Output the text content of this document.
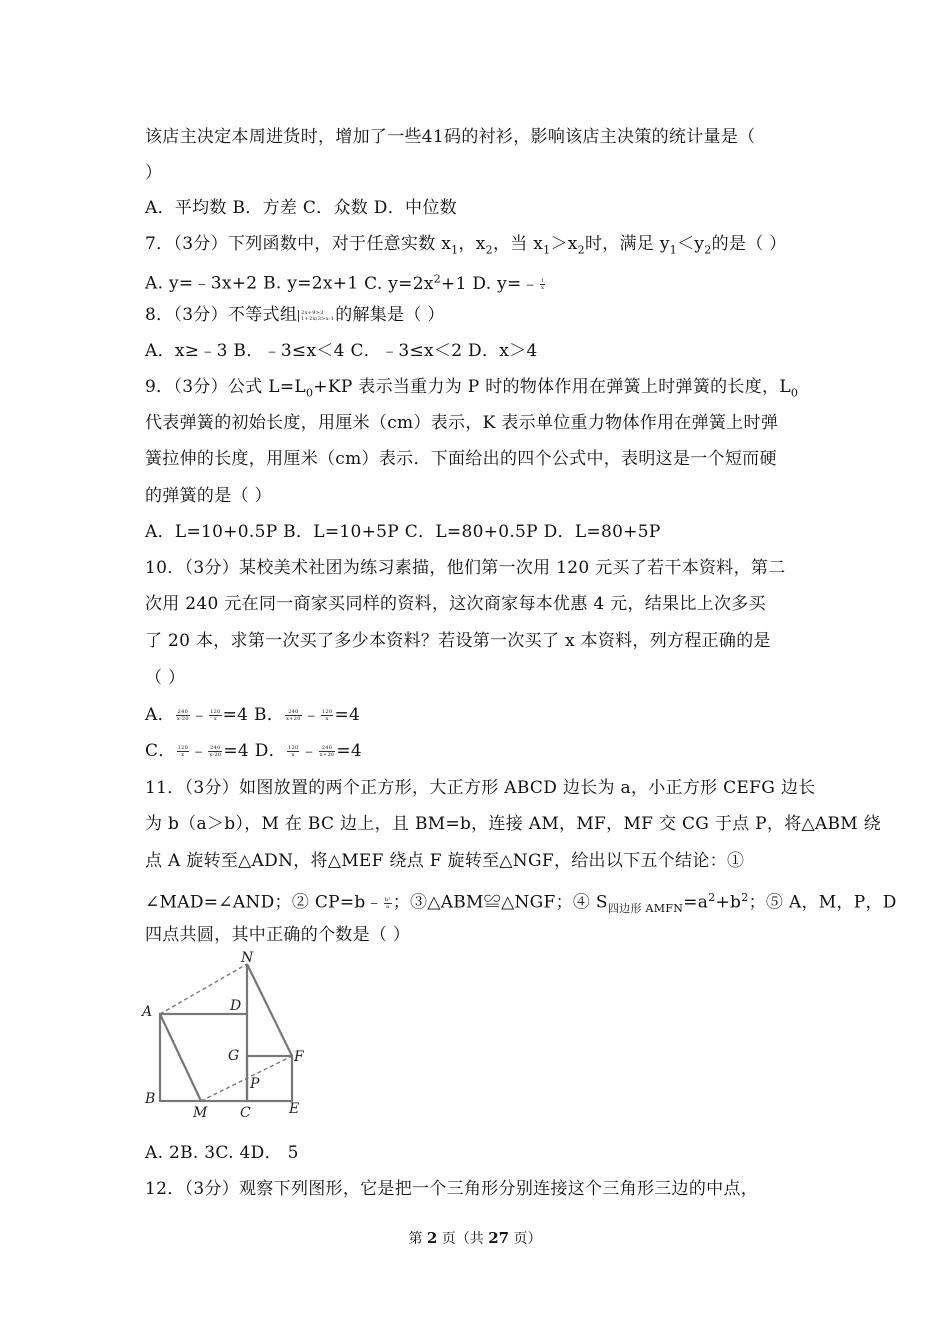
该店主决定本周进货时，增加了一些41码的衬衫，影响该店主决策的统计量是（
）
A．平均数 B．方差 C．众数 D．中位数
7．（3分）下列函数中，对于任意实数 $x_1$，$x_2$，当 $x_1>x_2$时，满足 $y_1<y_2$的是（ ）
A. y=﹣3x+2 B. y=2x+1 C. $y=2x^2+1$ D. y=﹣ $\frac{1}{x}$
8．（3分）不等式组 2x+9>3
1+2x/3>x-1 的解集是（ ）
A．x≥﹣3 B．﹣3≤x＜4 C．﹣3≤x＜2 D．x＞4
9．（3分）公式 $L=L_0+KP$ 表示当重力为 P 时的物体作用在弹簧上时弹簧的长度，$L_0$
代表弹簧的初始长度，用厘米（cm）表示，K 表示单位重力物体作用在弹簧上时弹
簧拉伸的长度，用厘米（cm）表示．下面给出的四个公式中，表明这是一个短而硬
的弹簧的是（ ）
A．L=10+0.5P B．L=10+5P C．L=80+0.5P D．L=80+5P
10．（3分）某校美术社团为练习素描，他们第一次用 120 元买了若干本资料，第二
次用 240 元在同一商家买同样的资料，这次商家每本优惠 4 元，结果比上次多买
了 20 本，求第一次买了多少本资料？若设第一次买了 x 本资料，列方程正确的是
（ ）
A． $\frac{240}{x-20}$ ﹣ $\frac{120}{x} =4$ B． $\frac{240}{x+20}$ ﹣ $\frac{120}{x} =4$
C． $\frac{120}{x}$ ﹣ $\frac{240}{x-20} =4$ D． $\frac{120}{x}$ ﹣ $\frac{240}{x+20} =4$
11．（3分）如图放置的两个正方形，大正方形 ABCD 边长为 a，小正方形 CEFG 边长
为 b（a＞b），M 在 BC 边上，且 BM=b，连接 AM，MF，MF 交 CG 于点 P，将△ABM 绕
点 A 旋转至△ADN，将△MEF 绕点 F 旋转至△NGF，给出以下五个结论：①
∠MAD=∠AND；② CP=b﹣ $\frac{\text{b²}}{a}$ ；③△ABM≌△NGF；④ $S_{四边形 AMFN}=a^2+b^2$；⑤ A，M，P，D
四点共圆，其中正确的个数是（ ）
N
A	D
G	F
P
B
M C	E
A. 2B. 3C. 4D． 5
12．（3分）观察下列图形，它是把一个三角形分别连接这个三角形三边的中点，
第 2 页（共 27 页）
